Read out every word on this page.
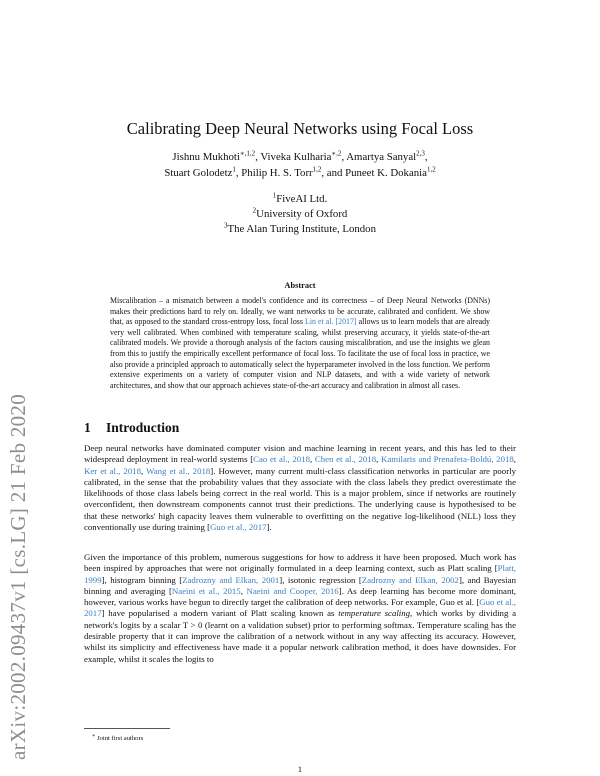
arXiv:2002.09437v1 [cs.LG] 21 Feb 2020
Calibrating Deep Neural Networks using Focal Loss
Jishnu Mukhoti$^{∗,1,2}$, Viveka Kulharia$^{∗,2}$, Amartya Sanyal$^{2,3}$,
Stuart Golodetz$^1$, Philip H. S. Torr$^{1,2}$, and Puneet K. Dokania$^{1,2}$
$^1$FiveAI Ltd.
$^2$University of Oxford
$^3$The Alan Turing Institute, London
Abstract

Miscalibration – a mismatch between a model's confidence and its correctness – of Deep Neural Networks (DNNs) makes their predictions hard to rely on. Ideally, we want networks to be accurate, calibrated and confident. We show that, as opposed to the standard cross-entropy loss, focal loss Lin et al. [2017] allows us to learn models that are already very well calibrated. When combined with temperature scaling, whilst preserving accuracy, it yields state-of-the-art calibrated models. We provide a thorough analysis of the factors causing miscalibration, and use the insights we glean from this to justify the empirically excellent performance of focal loss. To facilitate the use of focal loss in practice, we also provide a principled approach to automatically select the hyperparameter involved in the loss function. We perform extensive experiments on a variety of computer vision and NLP datasets, and with a wide variety of network architectures, and show that our approach achieves state-of-the-art accuracy and calibration in almost all cases.

1 Introduction

Deep neural networks have dominated computer vision and machine learning in recent years, and this has led to their widespread deployment in real-world systems [Cao et al., 2018, Chen et al., 2018, Kamilaris and Prenafeta-Boldú, 2018, Ker et al., 2018, Wang et al., 2018]. However, many current multi-class classification networks in particular are poorly calibrated, in the sense that the probability values that they associate with the class labels they predict overestimate the likelihoods of those class labels being correct in the real world. This is a major problem, since if networks are routinely overconfident, then downstream components cannot trust their predictions. The underlying cause is hypothesised to be that these networks' high capacity leaves them vulnerable to overfitting on the negative log-likelihood (NLL) loss they conventionally use during training [Guo et al., 2017].

Given the importance of this problem, numerous suggestions for how to address it have been proposed. Much work has been inspired by approaches that were not originally formulated in a deep learning context, such as Platt scaling [Platt, 1999], histogram binning [Zadrozny and Elkan, 2001], isotonic regression [Zadrozny and Elkan, 2002], and Bayesian binning and averaging [Naeini et al., 2015, Naeini and Cooper, 2016]. As deep learning has become more dominant, however, various works have begun to directly target the calibration of deep networks. For example, Guo et al. [Guo et al., 2017] have popularised a modern variant of Platt scaling known as temperature scaling, which works by dividing a network's logits by a scalar T > 0 (learnt on a validation subset) prior to performing softmax. Temperature scaling has the desirable property that it can improve the calibration of a network without in any way affecting its accuracy. However, whilst its simplicity and effectiveness have made it a popular network calibration method, it does have downsides. For example, whilst it scales the logits to

∗ Joint first authors
1
